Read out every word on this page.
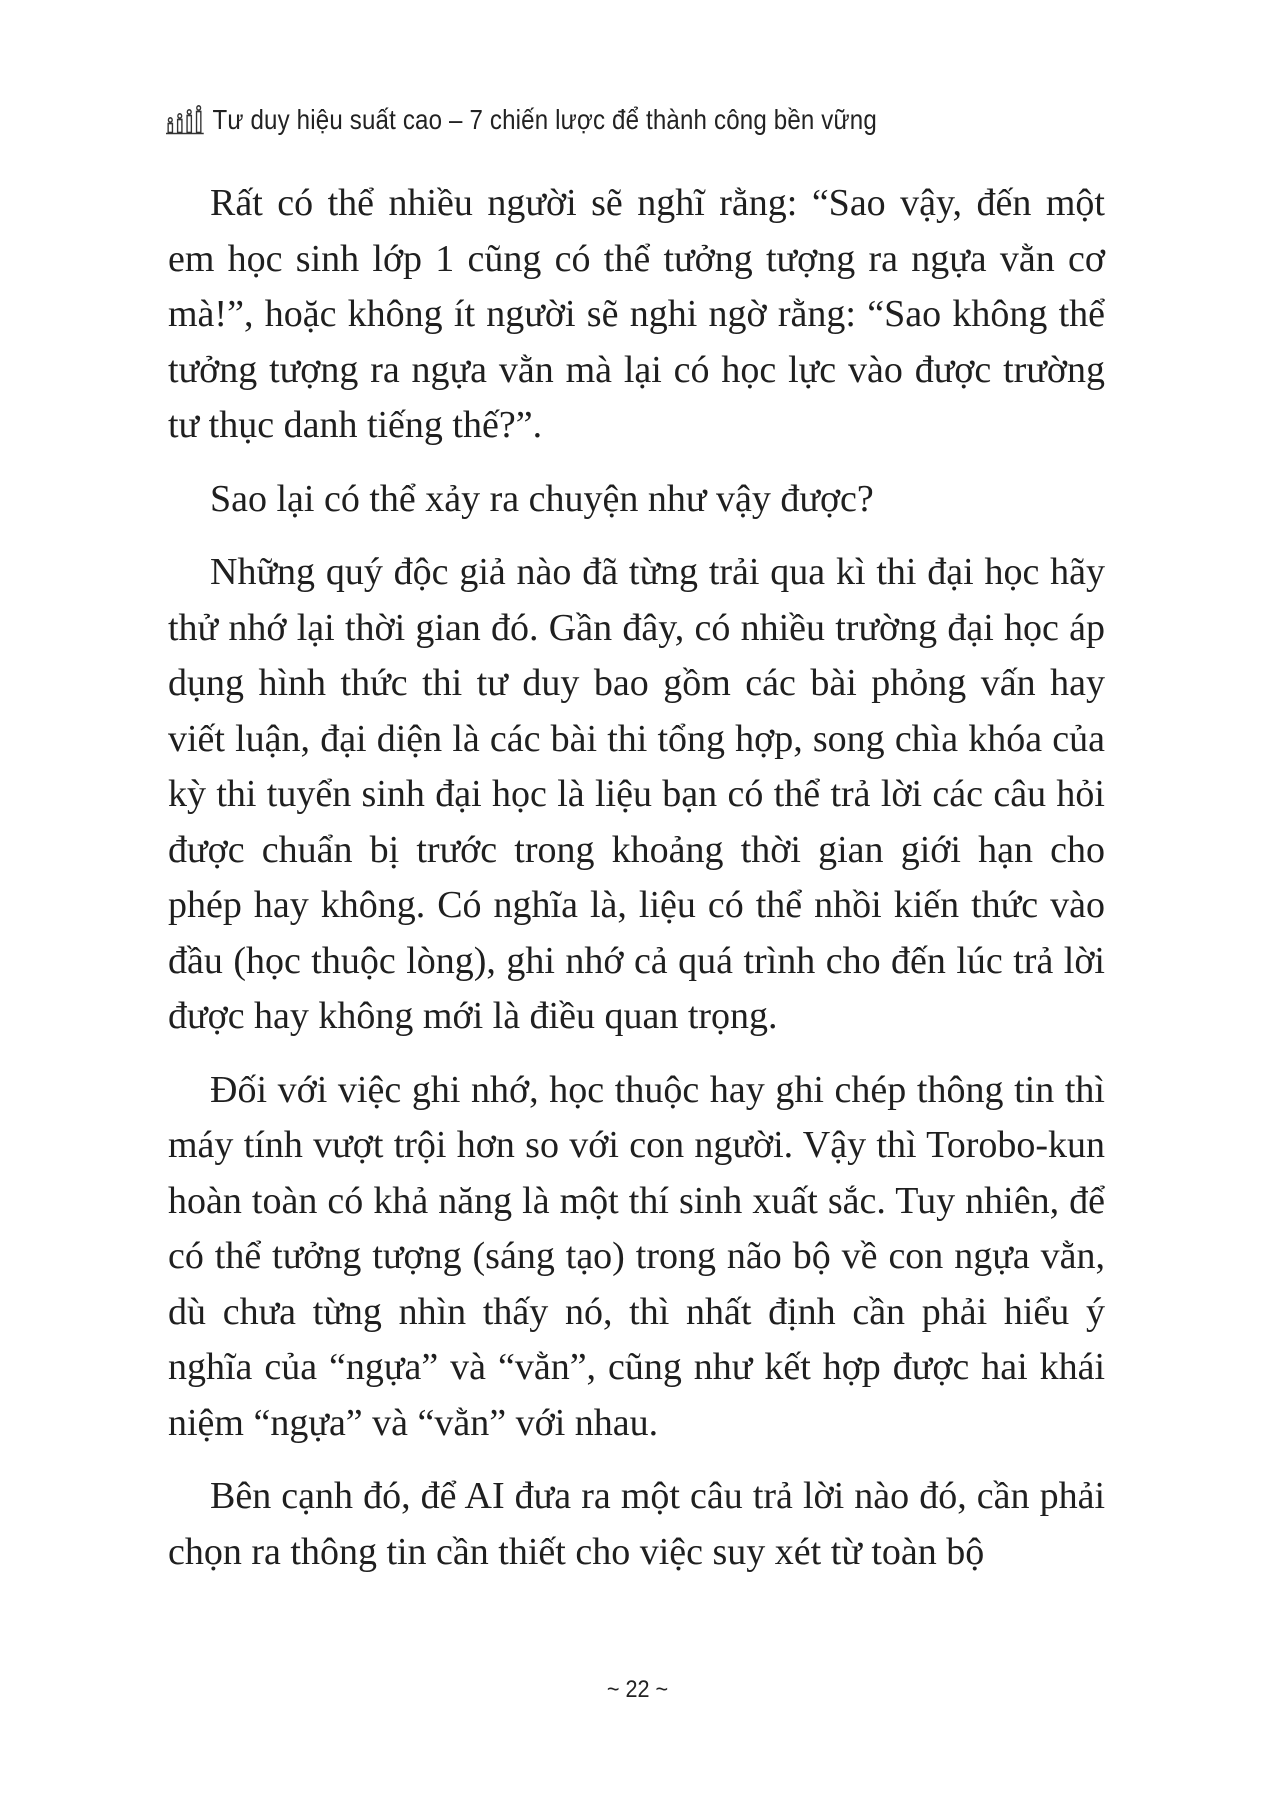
Tư duy hiệu suất cao – 7 chiến lược để thành công bền vững

Rất có thể nhiều người sẽ nghĩ rằng: “Sao vậy, đến một em học sinh lớp 1 cũng có thể tưởng tượng ra ngựa vằn cơ mà!”, hoặc không ít người sẽ nghi ngờ rằng: “Sao không thể tưởng tượng ra ngựa vằn mà lại có học lực vào được trường tư thục danh tiếng thế?”.

Sao lại có thể xảy ra chuyện như vậy được?

Những quý độc giả nào đã từng trải qua kì thi đại học hãy thử nhớ lại thời gian đó. Gần đây, có nhiều trường đại học áp dụng hình thức thi tư duy bao gồm các bài phỏng vấn hay viết luận, đại diện là các bài thi tổng hợp, song chìa khóa của kỳ thi tuyển sinh đại học là liệu bạn có thể trả lời các câu hỏi được chuẩn bị trước trong khoảng thời gian giới hạn cho phép hay không. Có nghĩa là, liệu có thể nhồi kiến thức vào đầu (học thuộc lòng), ghi nhớ cả quá trình cho đến lúc trả lời được hay không mới là điều quan trọng.

Đối với việc ghi nhớ, học thuộc hay ghi chép thông tin thì máy tính vượt trội hơn so với con người. Vậy thì Torobo-kun hoàn toàn có khả năng là một thí sinh xuất sắc. Tuy nhiên, để có thể tưởng tượng (sáng tạo) trong não bộ về con ngựa vằn, dù chưa từng nhìn thấy nó, thì nhất định cần phải hiểu ý nghĩa của “ngựa” và “vằn”, cũng như kết hợp được hai khái niệm “ngựa” và “vằn” với nhau.

Bên cạnh đó, để AI đưa ra một câu trả lời nào đó, cần phải chọn ra thông tin cần thiết cho việc suy xét từ toàn bộ

~ 22 ~
